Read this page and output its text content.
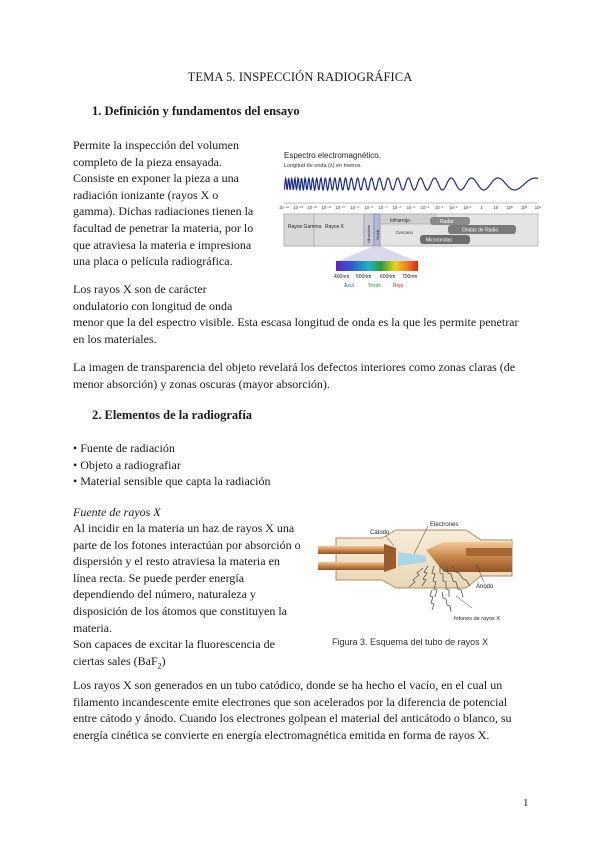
TEMA 5. INSPECCIÓN RADIOGRÁFICA
1. Definición y fundamentos del ensayo
Permite la inspección del volumen
completo de la pieza ensayada.
Consiste en exponer la pieza a una
radiación ionizante (rayos X o
gamma). Dichas radiaciones tienen la
facultad de penetrar la materia, por lo
que atraviesa la materia e impresiona
una placa o película radiográfica.
Los rayos X son de carácter
ondulatorio con longitud de onda
menor que la del espectro visible. Esta escasa longitud de onda es la que les permite penetrar
en los materiales.
La imagen de transparencia del objeto revelará los defectos interiores como zonas claras (de
menor absorción) y zonas oscuras (mayor absorción).
Espectro electromagnético.
Longitud de onda (λ) en metros.
10⁻¹⁴ 10⁻¹³ 10⁻¹² 10⁻¹¹ 10⁻¹⁰ 10⁻⁹ 10⁻⁸ 10⁻⁷ 10⁻⁶ 10⁻⁵ 10⁻⁴ 10⁻³ 10⁻² 10⁻¹ 1	10 10² 10³ 10⁴
Rayos Gamma Rayos X	Ultravioleta Visible
Infrarrojo
Cercano
Radar
Ondas de Radio
Microondas
400nm 500nm 600nm 700nm
Azul	Verde Rojo
2. Elementos de la radiografía
• Fuente de radiación
• Objeto a radiografiar
• Material sensible que capta la radiación
Fuente de rayos X
Al incidir en la materia un haz de rayos X una
parte de los fotones interactúan por absorción o
dispersión y el resto atraviesa la materia en
línea recta. Se puede perder energía
dependiendo del número, naturaleza y
disposición de los átomos que constituyen la
materia.
Son capaces de excitar la fluorescencia de
ciertas sales (BaF$_2$)
Electrones
Cátodo
Ánodo
fotones de rayos X
Figura 3. Esquema del tubo de rayos X
Los rayos X son generados en un tubo catódico, donde se ha hecho el vacío, en el cual un
filamento incandescente emite electrones que son acelerados por la diferencia de potencial
entre cátodo y ánodo. Cuando los electrones golpean el material del anticátodo o blanco, su
energía cinética se convierte en energía electromagnética emitida en forma de rayos X.
1
